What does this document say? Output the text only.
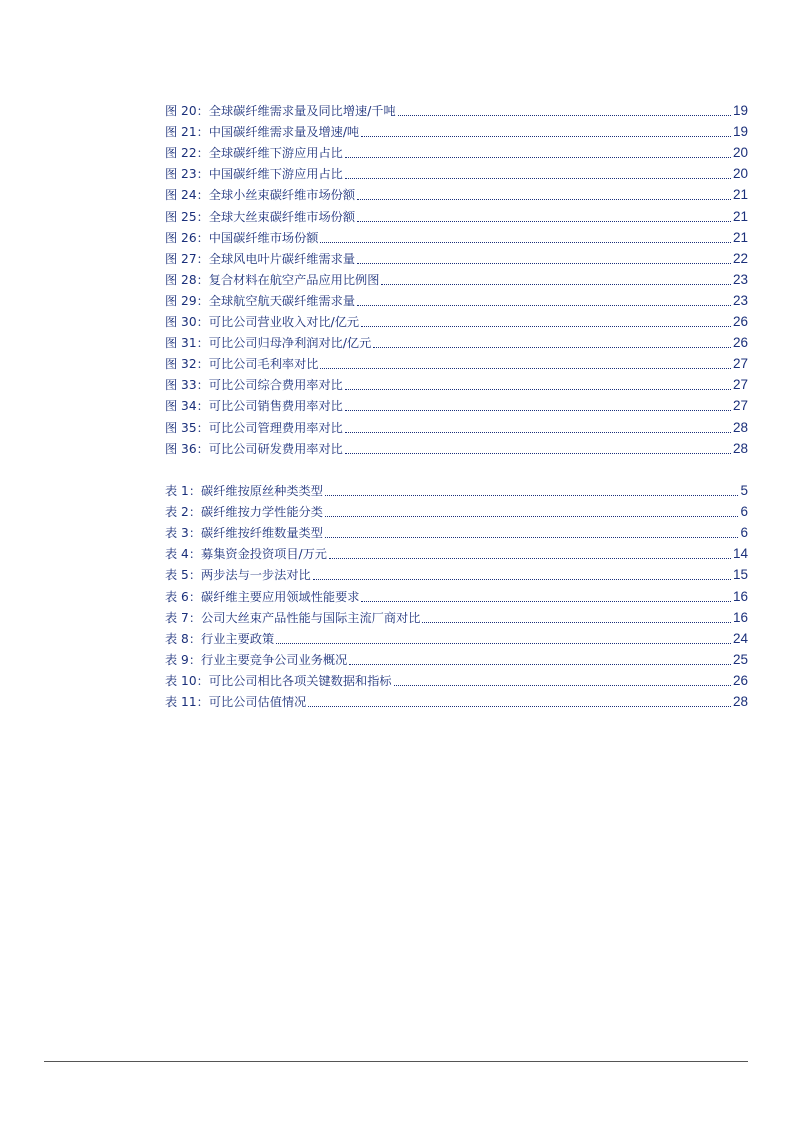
图 20： 全球碳纤维需求量及同比增速/千吨	19
图 21： 中国碳纤维需求量及增速/吨	19
图 22： 全球碳纤维下游应用占比	20
图 23： 中国碳纤维下游应用占比	20
图 24： 全球小丝束碳纤维市场份额	21
图 25： 全球大丝束碳纤维市场份额	21
图 26： 中国碳纤维市场份额	21
图 27： 全球风电叶片碳纤维需求量	22
图 28： 复合材料在航空产品应用比例图	23
图 29： 全球航空航天碳纤维需求量	23
图 30： 可比公司营业收入对比/亿元	26
图 31： 可比公司归母净利润对比/亿元	26
图 32： 可比公司毛利率对比	27
图 33： 可比公司综合费用率对比	27
图 34： 可比公司销售费用率对比	27
图 35： 可比公司管理费用率对比	28
图 36： 可比公司研发费用率对比	28
表 1： 碳纤维按原丝种类类型	5
表 2： 碳纤维按力学性能分类	6
表 3： 碳纤维按纤维数量类型	6
表 4： 募集资金投资项目/万元	14
表 5： 两步法与一步法对比	15
表 6： 碳纤维主要应用领域性能要求	16
表 7： 公司大丝束产品性能与国际主流厂商对比	16
表 8： 行业主要政策	24
表 9： 行业主要竞争公司业务概况	25
表 10： 可比公司相比各项关键数据和指标	26
表 11： 可比公司估值情况	28
